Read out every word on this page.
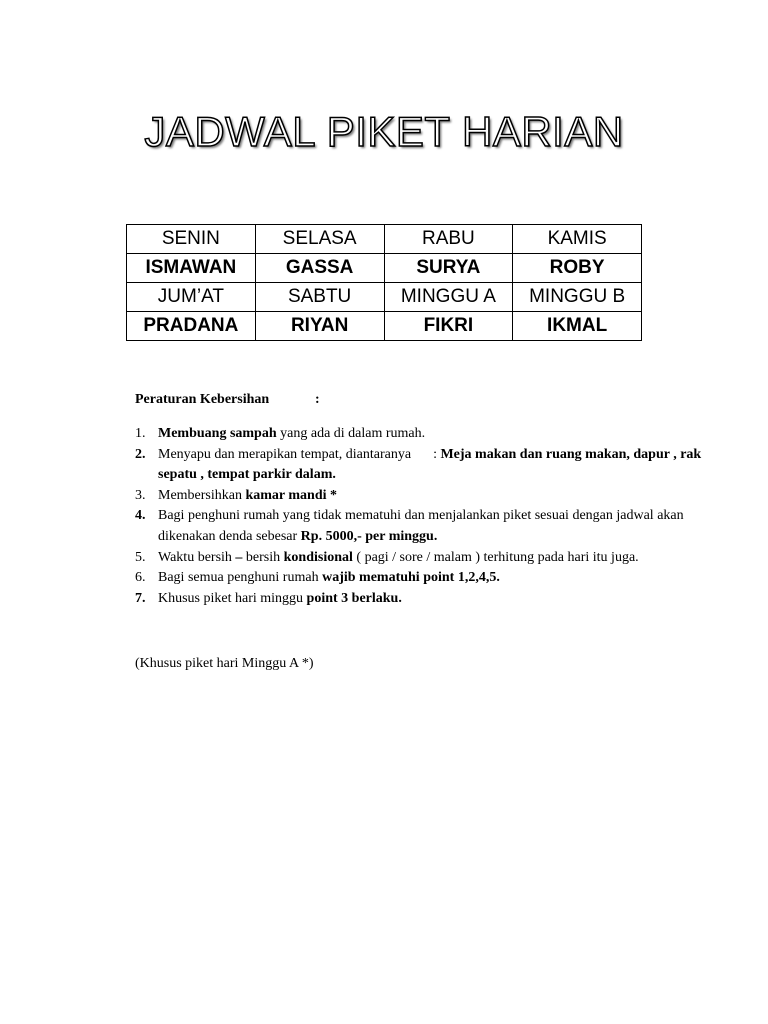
JADWAL PIKET HARIAN
SENIN	SELASA	RABU	KAMIS
ISMAWAN	GASSA	SURYA	ROBY
JUM’AT	SABTU	MINGGU A	MINGGU B
PRADANA	RIYAN	FIKRI	IKMAL
Peraturan Kebersihan	:
1. Membuang sampah yang ada di dalam rumah.
2. Menyapu dan merapikan tempat, diantaranya : Meja makan dan ruang makan, dapur , rak sepatu , tempat parkir dalam.
3. Membersihkan kamar mandi *
4. Bagi penghuni rumah yang tidak mematuhi dan menjalankan piket sesuai dengan jadwal akan dikenakan denda sebesar Rp. 5000,- per minggu.
5. Waktu bersih – bersih kondisional ( pagi / sore / malam ) terhitung pada hari itu juga.
6. Bagi semua penghuni rumah wajib mematuhi point 1,2,4,5.
7. Khusus piket hari minggu point 3 berlaku.
(Khusus piket hari Minggu A *)
